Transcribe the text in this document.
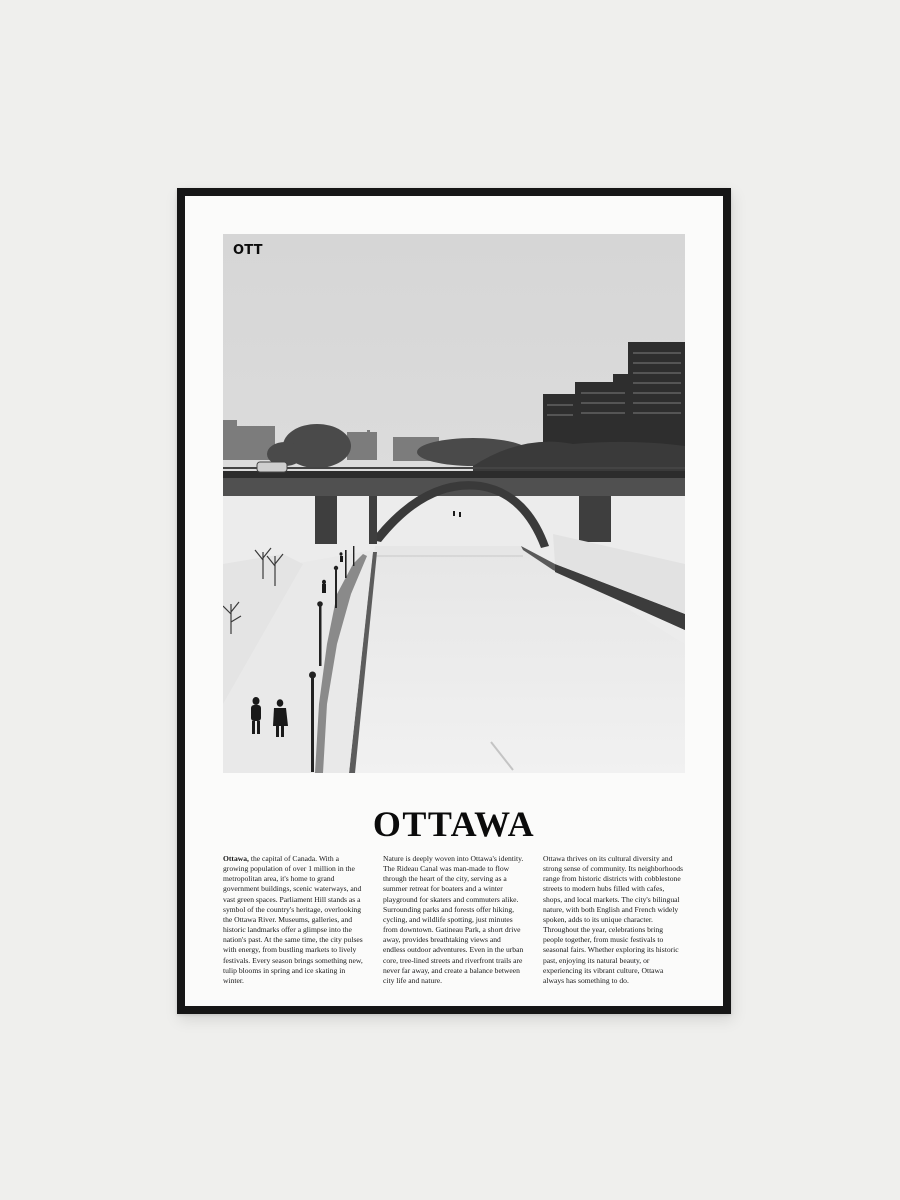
OTT
OTTAWA

Ottawa, the capital of Canada. With a growing population of over 1 million in the metropolitan area, it's home to grand government buildings, scenic waterways, and vast green spaces. Parliament Hill stands as a symbol of the country's heritage, overlooking the Ottawa River. Museums, galleries, and historic landmarks offer a glimpse into the nation's past. At the same time, the city pulses with energy, from bustling markets to lively festivals. Every season brings something new, tulip blooms in spring and ice skating in winter.

Nature is deeply woven into Ottawa's identity. The Rideau Canal was man-made to flow through the heart of the city, serving as a summer retreat for boaters and a winter playground for skaters and commuters alike. Surrounding parks and forests offer hiking, cycling, and wildlife spotting, just minutes from downtown. Gatineau Park, a short drive away, provides breathtaking views and endless outdoor adventures. Even in the urban core, tree-lined streets and riverfront trails are never far away, and create a balance between city life and nature.

Ottawa thrives on its cultural diversity and strong sense of community. Its neighborhoods range from historic districts with cobblestone streets to modern hubs filled with cafes, shops, and local markets. The city's bilingual nature, with both English and French widely spoken, adds to its unique character. Throughout the year, celebrations bring people together, from music festivals to seasonal fairs. Whether exploring its historic past, enjoying its natural beauty, or experiencing its vibrant culture, Ottawa always has something to do.
